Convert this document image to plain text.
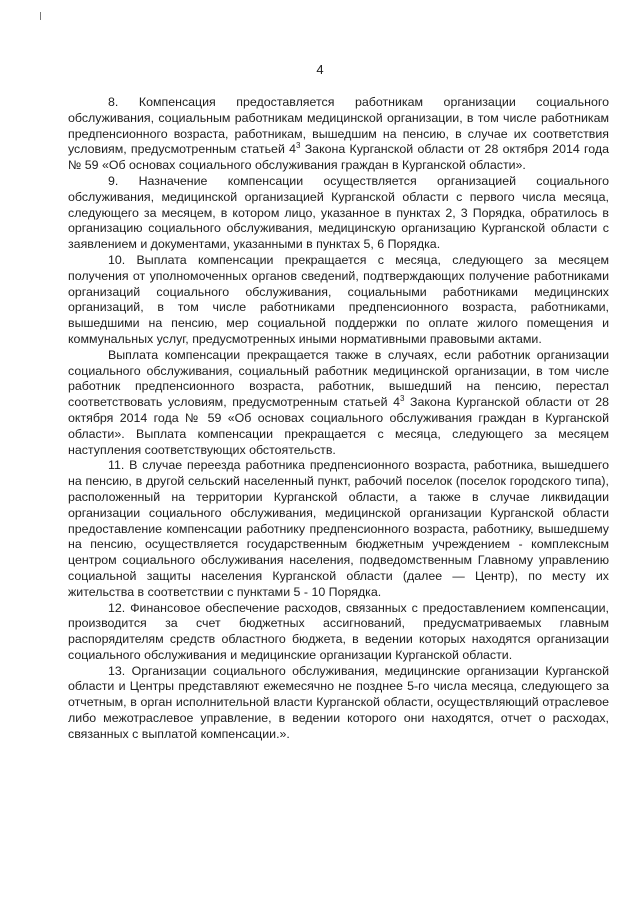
4

8. Компенсация предоставляется работникам организации социального обслуживания, социальным работникам медицинской организации, в том числе работникам предпенсионного возраста, работникам, вышедшим на пенсию, в случае их соответствия условиям, предусмотренным статьей $4^3$ Закона Курганской области от 28 октября 2014 года № 59 «Об основах социального обслуживания граждан в Курганской области».

9. Назначение компенсации осуществляется организацией социального обслуживания, медицинской организацией Курганской области с первого числа месяца, следующего за месяцем, в котором лицо, указанное в пунктах 2, 3 Порядка, обратилось в организацию социального обслуживания, медицинскую организацию Курганской области с заявлением и документами, указанными в пунктах 5, 6 Порядка.

10. Выплата компенсации прекращается с месяца, следующего за месяцем получения от уполномоченных органов сведений, подтверждающих получение работниками организаций социального обслуживания, социальными работниками медицинских организаций, в том числе работниками предпенсионного возраста, работниками, вышедшими на пенсию, мер социальной поддержки по оплате жилого помещения и коммунальных услуг, предусмотренных иными нормативными правовыми актами.

Выплата компенсации прекращается также в случаях, если работник организации социального обслуживания, социальный работник медицинской организации, в том числе работник предпенсионного возраста, работник, вышедший на пенсию, перестал соответствовать условиям, предусмотренным статьей $4^3$ Закона Курганской области от 28 октября 2014 года № 59 «Об основах социального обслуживания граждан в Курганской области». Выплата компенсации прекращается с месяца, следующего за месяцем наступления соответствующих обстоятельств.

11. В случае переезда работника предпенсионного возраста, работника, вышедшего на пенсию, в другой сельский населенный пункт, рабочий поселок (поселок городского типа), расположенный на территории Курганской области, а также в случае ликвидации организации социального обслуживания, медицинской организации Курганской области предоставление компенсации работнику предпенсионного возраста, работнику, вышедшему на пенсию, осуществляется государственным бюджетным учреждением - комплексным центром социального обслуживания населения, подведомственным Главному управлению социальной защиты населения Курганской области (далее — Центр), по месту их жительства в соответствии с пунктами 5 - 10 Порядка.

12. Финансовое обеспечение расходов, связанных с предоставлением компенсации, производится за счет бюджетных ассигнований, предусматриваемых главным распорядителям средств областного бюджета, в ведении которых находятся организации социального обслуживания и медицинские организации Курганской области.

13. Организации социального обслуживания, медицинские организации Курганской области и Центры представляют ежемесячно не позднее 5-го числа месяца, следующего за отчетным, в орган исполнительной власти Курганской области, осуществляющий отраслевое либо межотраслевое управление, в ведении которого они находятся, отчет о расходах, связанных с выплатой компенсации.».
